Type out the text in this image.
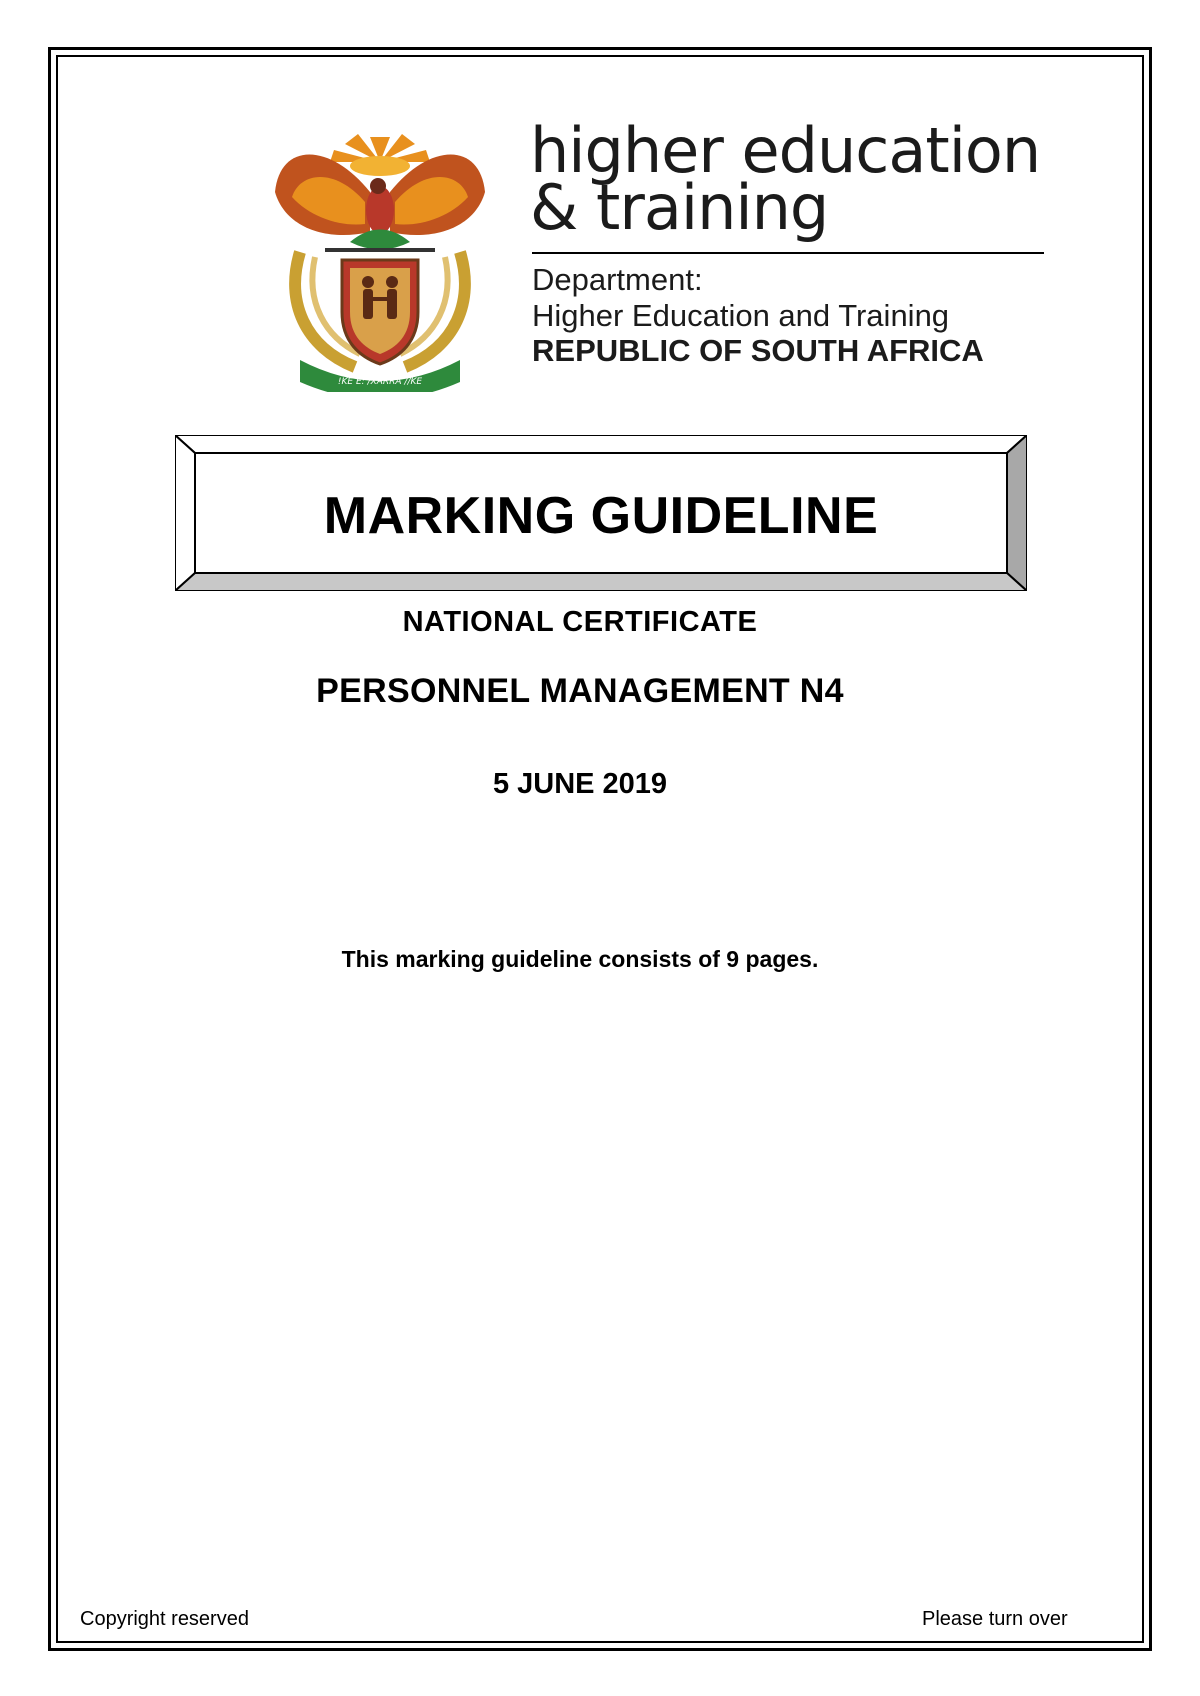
!KE E: /XARRA //KE
higher education
& training
Department:
Higher Education and Training
REPUBLIC OF SOUTH AFRICA
MARKING GUIDELINE
NATIONAL CERTIFICATE
PERSONNEL MANAGEMENT N4
5 JUNE 2019
This marking guideline consists of 9 pages.
Copyright reserved	Please turn over
